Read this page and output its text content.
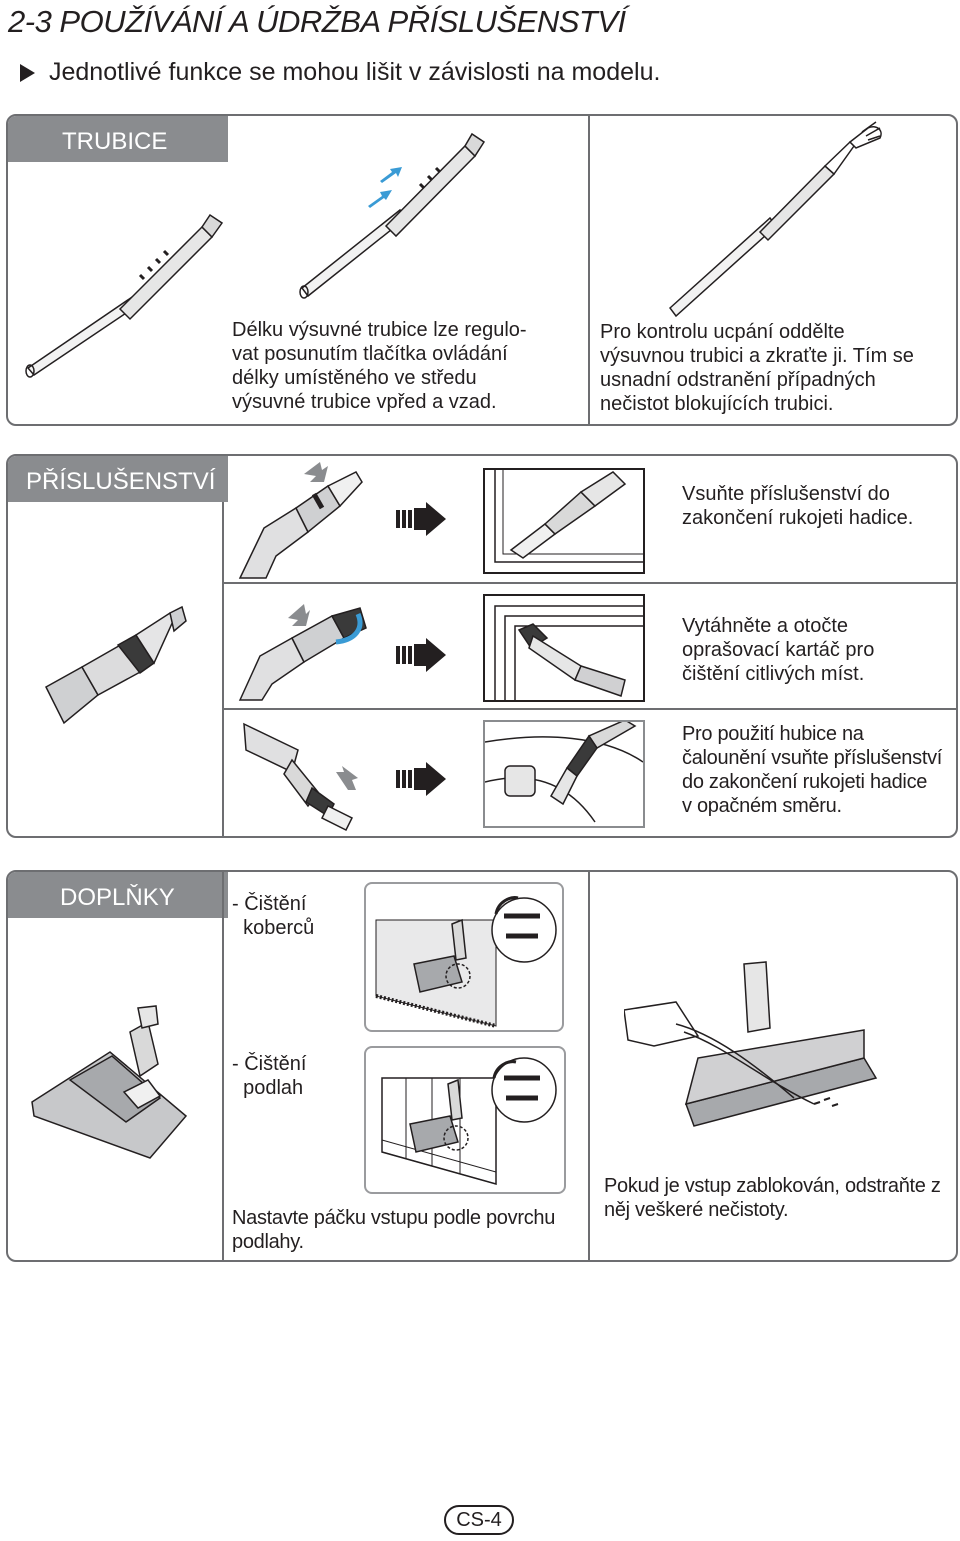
2-3 POUŽÍVÁNÍ A ÚDRŽBA PŘÍSLUŠENSTVÍ
Jednotlivé funkce se mohou lišit v závislosti na modelu.
TRUBICE
Délku výsuvné trubice lze regulo-
vat posunutím tlačítka ovládání
délky umístěného ve středu
výsuvné trubice vpřed a vzad.
Pro kontrolu ucpání oddělte
výsuvnou trubici a zkraťte ji. Tím se
usnadní odstranění případných
nečistot blokujících trubici.
PŘÍSLUŠENSTVÍ	Vsuňte příslušenství do
zakončení rukojeti hadice.
Vytáhněte a otočte
oprašovací kartáč pro
čištění citlivých míst.
Pro použití hubice na
čalounění vsuňte příslušenství
do zakončení rukojeti hadice
v opačném směru.
DOPLŇKY	- Čištění
koberců
- Čištění
podlah
Nastavte páčku vstupu podle povrchu
podlahy.
Pokud je vstup zablokován, odstraňte z
něj veškeré nečistoty.
CS-4
